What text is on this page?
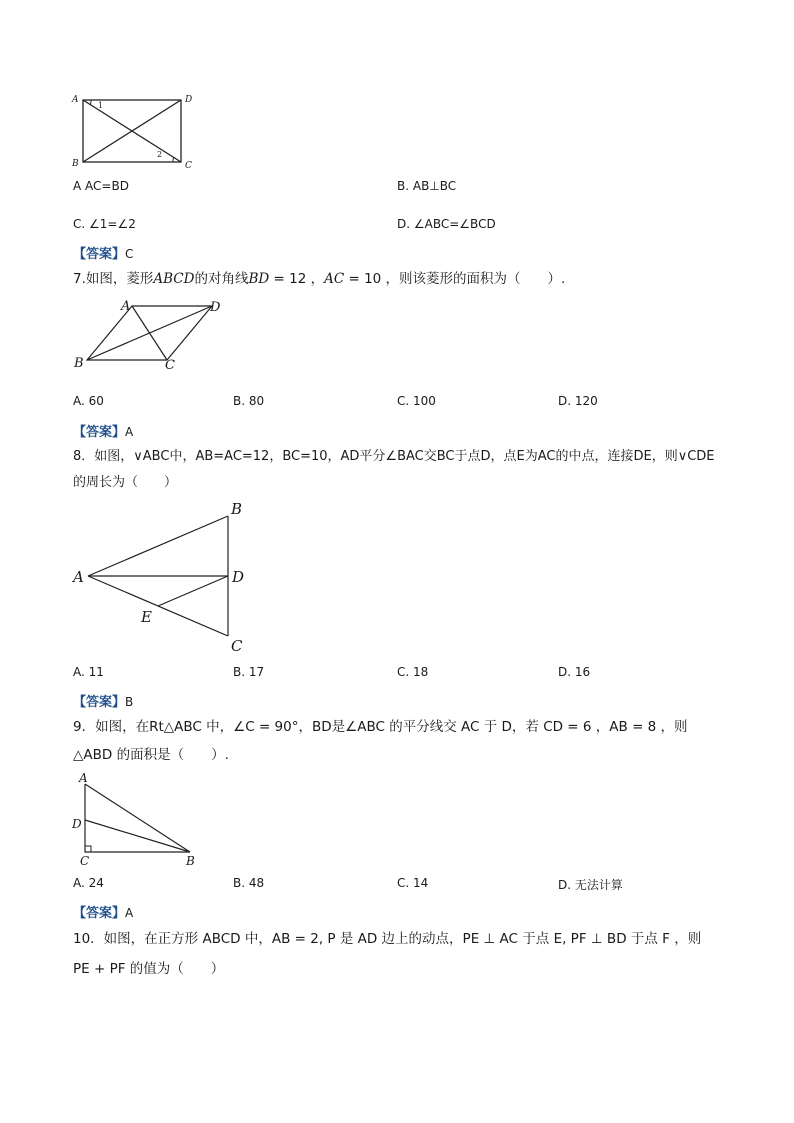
A	D
B	C
1
2
A AC=BD	B. AB⊥BC
C. ∠1=∠2	D. ∠ABC=∠BCD
【答案】C
7.如图，菱形ABCD的对角线BD = 12 ，AC = 10 ，则该菱形的面积为（　　）.
A	D
B	C
A. 60	B. 80	C. 100	D. 120
【答案】A
8．如图，∨ABC中，AB=AC=12，BC=10，AD平分∠BAC交BC于点D，点E为AC的中点，连接DE，则∨CDE
的周长为（　　）
B
A	D
E
C
A. 11	B. 17	C. 18	D. 16
【答案】B
9．如图，在Rt△ABC 中，∠C = 90°，BD是∠ABC 的平分线交 AC 于 D，若 CD = 6 ，AB = 8 ，则
△ABD 的面积是（　　）.
A
D
C	B
A. 24	B. 48	C. 14	D. 无法计算
【答案】A
10．如图，在正方形 ABCD 中，AB = 2, P 是 AD 边上的动点，PE ⊥ AC 于点 E, PF ⊥ BD 于点 F ，则
PE + PF 的值为（　　）
